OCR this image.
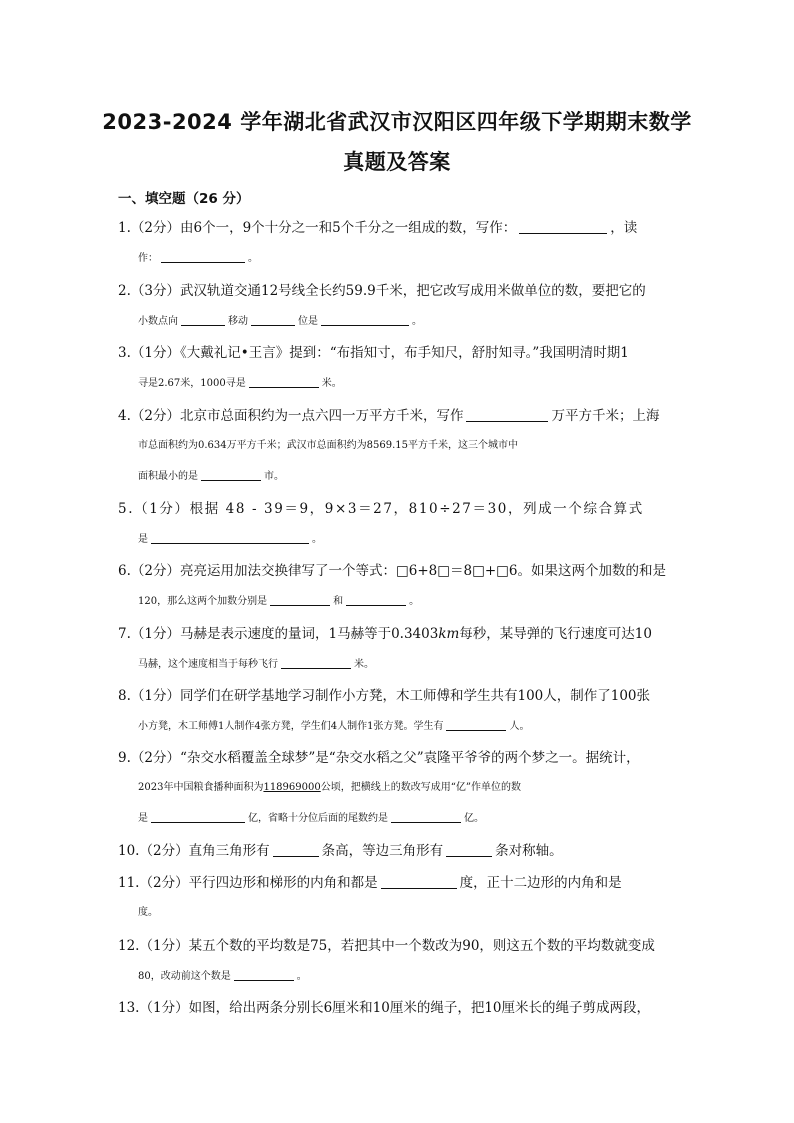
2023-2024 学年湖北省武汉市汉阳区四年级下学期期末数学
真题及答案
一、填空题（26 分）
1.（2分）由6个一，9个十分之一和5个千分之一组成的数，写作：	，读
作：	。
2.（3分）武汉轨道交通12号线全长约59.9千米，把它改写成用米做单位的数，要把它的
小数点向	移动	位是	。
3.（1分）《大戴礼记•王言》提到：“布指知寸，布手知尺，舒肘知寻。”我国明清时期1
寻是2.67米，1000寻是	米。
4.（2分）北京市总面积约为一点六四一万平方千米，写作	万平方千米；上海
市总面积约为0.634万平方千米；武汉市总面积约为8569.15平方千米，这三个城市中
面积最小的是	市。
5.（1分）根据 48 - 39＝9，9×3＝27，810÷27＝30，列成一个综合算式
是	。
6.（2分）亮亮运用加法交换律写了一个等式：□6+8□＝8□+□6。如果这两个加数的和是
120，那么这两个加数分别是	和	。
7.（1分）马赫是表示速度的量词，1马赫等于0.3403km每秒，某导弹的飞行速度可达10
马赫，这个速度相当于每秒飞行	米。
8.（1分）同学们在研学基地学习制作小方凳，木工师傅和学生共有100人，制作了100张
小方凳，木工师傅1人制作4张方凳，学生们4人制作1张方凳。学生有	人。
9.（2分）“杂交水稻覆盖全球梦”是“杂交水稻之父”袁隆平爷爷的两个梦之一。据统计，
2023年中国粮食播种面积为118969000公顷，把横线上的数改写成用“亿”作单位的数
是	亿，省略十分位后面的尾数约是	亿。
10.（2分）直角三角形有	条高，等边三角形有	条对称轴。
11.（2分）平行四边形和梯形的内角和都是	度，正十二边形的内角和是
度。
12.（1分）某五个数的平均数是75，若把其中一个数改为90，则这五个数的平均数就变成
80，改动前这个数是	。
13.（1分）如图，给出两条分别长6厘米和10厘米的绳子，把10厘米长的绳子剪成两段，
